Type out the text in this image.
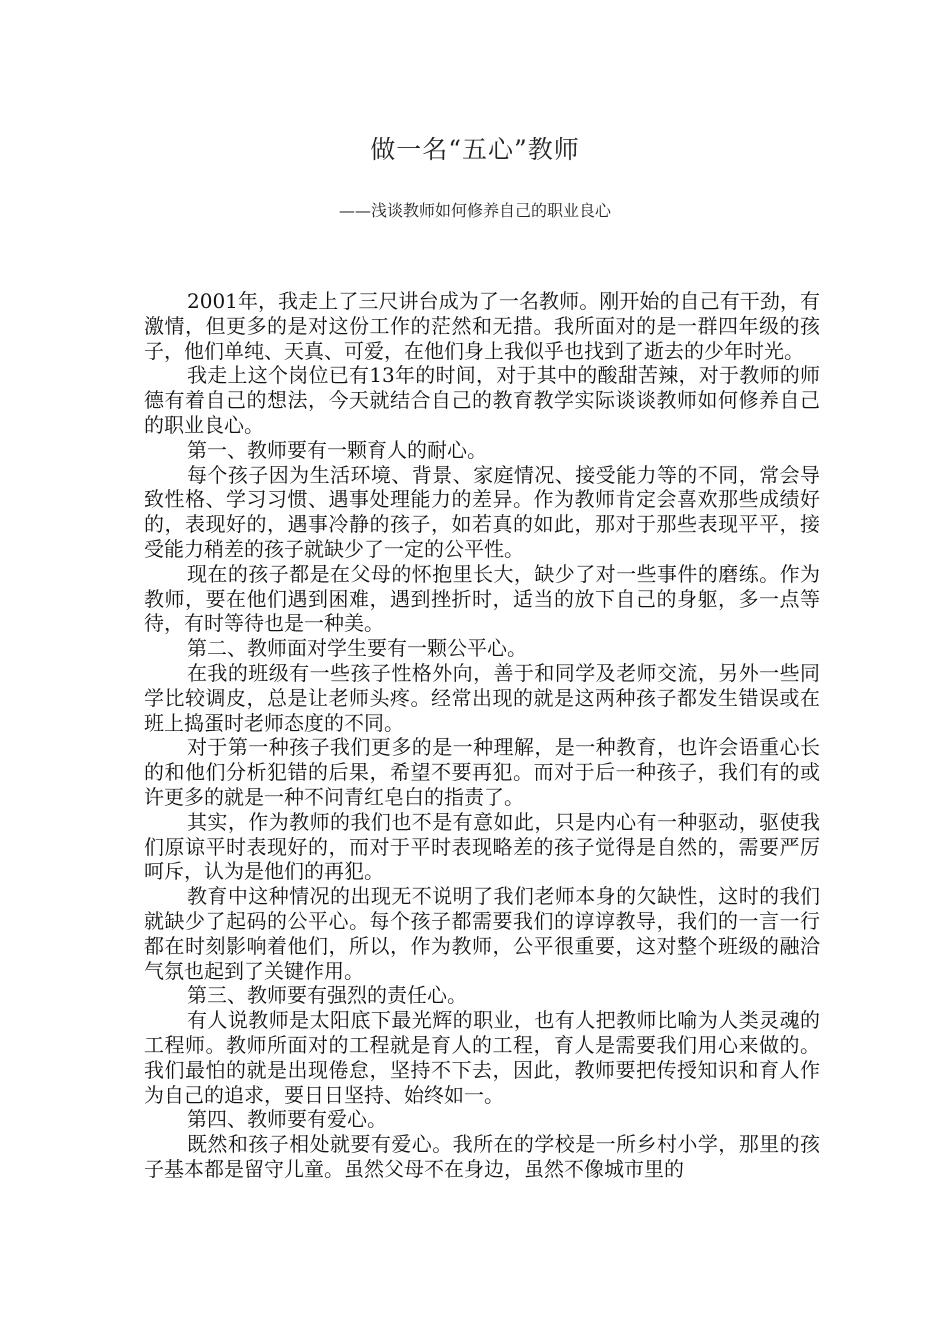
做一名“五心”教师
——浅谈教师如何修养自己的职业良心

2001年，我走上了三尺讲台成为了一名教师。刚开始的自己有干劲，有激情，但更多的是对这份工作的茫然和无措。我所面对的是一群四年级的孩子，他们单纯、天真、可爱，在他们身上我似乎也找到了逝去的少年时光。

我走上这个岗位已有13年的时间，对于其中的酸甜苦辣，对于教师的师德有着自己的想法，今天就结合自己的教育教学实际谈谈教师如何修养自己的职业良心。

第一、教师要有一颗育人的耐心。

每个孩子因为生活环境、背景、家庭情况、接受能力等的不同，常会导致性格、学习习惯、遇事处理能力的差异。作为教师肯定会喜欢那些成绩好的，表现好的，遇事冷静的孩子，如若真的如此，那对于那些表现平平，接受能力稍差的孩子就缺少了一定的公平性。

现在的孩子都是在父母的怀抱里长大，缺少了对一些事件的磨练。作为教师，要在他们遇到困难，遇到挫折时，适当的放下自己的身躯，多一点等待，有时等待也是一种美。

第二、教师面对学生要有一颗公平心。

在我的班级有一些孩子性格外向，善于和同学及老师交流，另外一些同学比较调皮，总是让老师头疼。经常出现的就是这两种孩子都发生错误或在班上捣蛋时老师态度的不同。

对于第一种孩子我们更多的是一种理解，是一种教育，也许会语重心长的和他们分析犯错的后果，希望不要再犯。而对于后一种孩子，我们有的或许更多的就是一种不问青红皂白的指责了。

其实，作为教师的我们也不是有意如此，只是内心有一种驱动，驱使我们原谅平时表现好的，而对于平时表现略差的孩子觉得是自然的，需要严厉呵斥，认为是他们的再犯。

教育中这种情况的出现无不说明了我们老师本身的欠缺性，这时的我们就缺少了起码的公平心。每个孩子都需要我们的谆谆教导，我们的一言一行都在时刻影响着他们，所以，作为教师，公平很重要，这对整个班级的融洽气氛也起到了关键作用。

第三、教师要有强烈的责任心。

有人说教师是太阳底下最光辉的职业，也有人把教师比喻为人类灵魂的工程师。教师所面对的工程就是育人的工程，育人是需要我们用心来做的。我们最怕的就是出现倦怠，坚持不下去，因此，教师要把传授知识和育人作为自己的追求，要日日坚持、始终如一。

第四、教师要有爱心。

既然和孩子相处就要有爱心。我所在的学校是一所乡村小学，那里的孩子基本都是留守儿童。虽然父母不在身边，虽然不像城市里的
